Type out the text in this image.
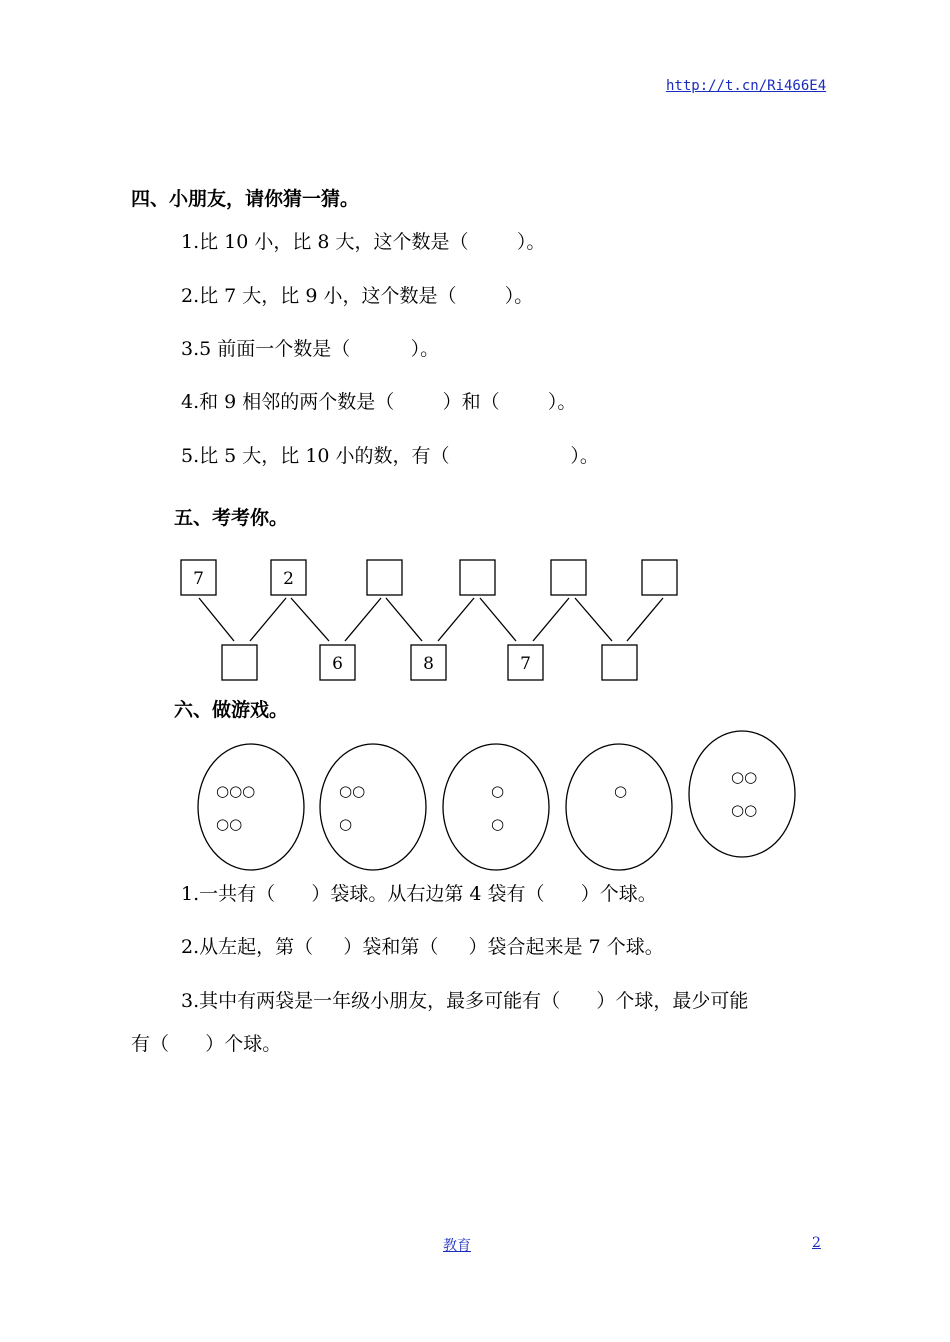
http://t.cn/Ri466E4
四、小朋友，请你猜一猜。
1.比 10 小，比 8 大，这个数是（        ）。
2.比 7 大，比 9 小，这个数是（        ）。
3.5 前面一个数是（          ）。
4.和 9 相邻的两个数是（        ）和（        ）。
5.比 5 大，比 10 小的数，有（                    ）。
五、考考你。
7	2
6	8	7
○○○
○○
○○
○
○
○
○
○○
○○
六、做游戏。
1.一共有（      ）袋球。从右边第 4 袋有（      ）个球。
2.从左起，第（     ）袋和第（     ）袋合起来是 7 个球。
3.其中有两袋是一年级小朋友，最多可能有（      ）个球，最少可能
有（      ）个球。
教育	2
